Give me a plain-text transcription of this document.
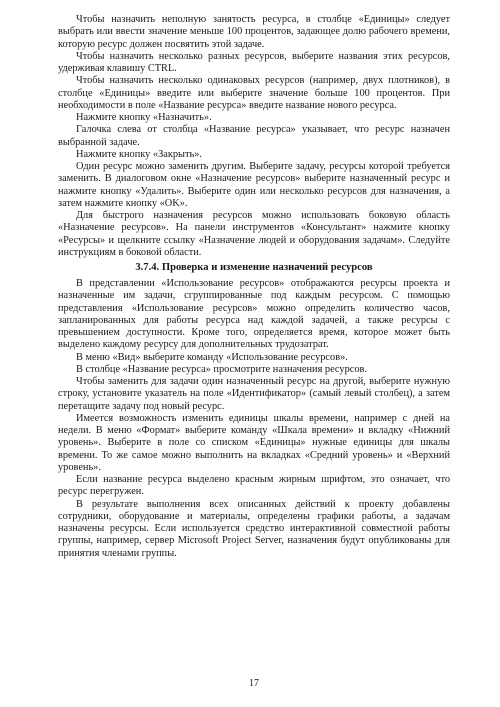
Чтобы назначить неполную занятость ресурса, в столбце «Единицы» следует выбрать или ввести значение меньше 100 процентов, задающее долю рабочего времени, которую ресурс должен посвятить этой задаче.

Чтобы назначить несколько разных ресурсов, выберите названия этих ресурсов, удерживая клавишу CTRL.

Чтобы назначить несколько одинаковых ресурсов (например, двух плотников), в столбце «Единицы» введите или выберите значение больше 100 процентов. При необходимости в поле «Название ресурса» введите название нового ресурса.

Нажмите кнопку «Назначить».

Галочка слева от столбца «Название ресурса» указывает, что ресурс назначен выбранной задаче.

Нажмите кнопку «Закрыть».

Один ресурс можно заменить другим. Выберите задачу, ресурсы которой требуется заменить. В диалоговом окне «Назначение ресурсов» выберите назначенный ресурс и нажмите кнопку «Удалить». Выберите один или несколько ресурсов для назначения, а затем нажмите кнопку «OK».

Для быстрого назначения ресурсов можно использовать боковую область «Назначение ресурсов». На панели инструментов «Консультант» нажмите кнопку «Ресурсы» и щелкните ссылку «Назначение людей и оборудования задачам». Следуйте инструкциям в боковой области.

3.7.4. Проверка и изменение назначений ресурсов

В представлении «Использование ресурсов» отображаются ресурсы проекта и назначенные им задачи, сгруппированные под каждым ресурсом. С помощью представления «Использование ресурсов» можно определить количество часов, запланированных для работы ресурса над каждой задачей, а также ресурсы с превышением доступности. Кроме того, определяется время, которое может быть выделено каждому ресурсу для дополнительных трудозатрат.

В меню «Вид» выберите команду «Использование ресурсов».

В столбце «Название ресурса» просмотрите назначения ресурсов.

Чтобы заменить для задачи один назначенный ресурс на другой, выберите нужную строку, установите указатель на поле «Идентификатор» (самый левый столбец), а затем перетащите задачу под новый ресурс.

Имеется возможность изменить единицы шкалы времени, например с дней на недели. В меню «Формат» выберите команду «Шкала времени» и вкладку «Нижний уровень». Выберите в поле со списком «Единицы» нужные единицы для шкалы времени. То же самое можно выполнить на вкладках «Средний уровень» и «Верхний уровень».

Если название ресурса выделено красным жирным шрифтом, это означает, что ресурс перегружен.

В результате выполнения всех описанных действий к проекту добавлены сотрудники, оборудование и материалы, определены графики работы, а задачам назначены ресурсы. Если используется средство интерактивной совместной работы группы, например, сервер Microsoft Project Server, назначения будут опубликованы для принятия членами группы.

17
